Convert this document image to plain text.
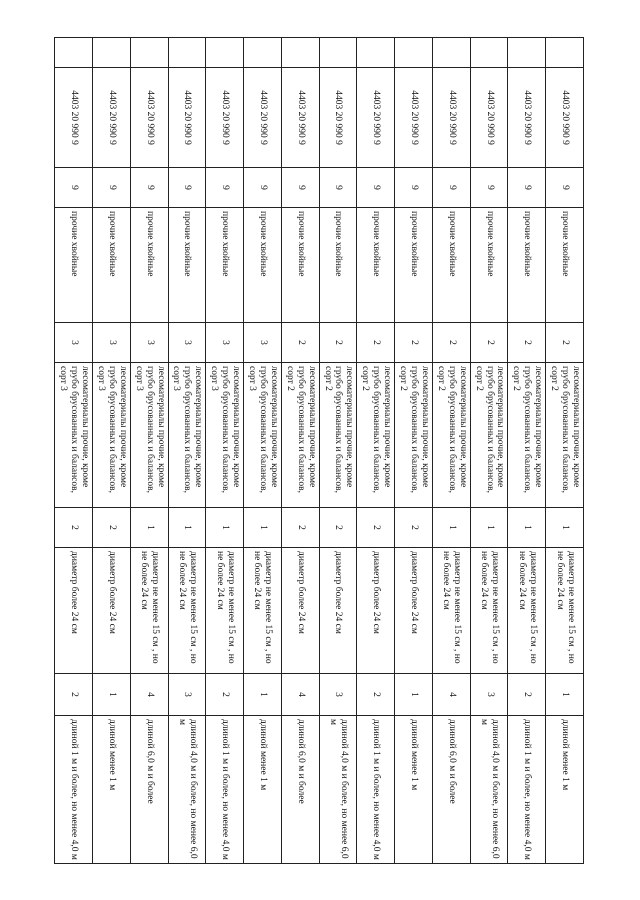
	4403 20 990 9	9	прочие хвойные	2	лесоматериалы прочие, кроме грубо брусованных и балансов, сорт 2	1	диаметр не менее 15 см , но не более 24 см	1	длиной менее 1 м
	4403 20 990 9	9	прочие хвойные	2	лесоматериалы прочие, кроме грубо брусованных и балансов, сорт 2	1	диаметр не менее 15 см , но не более 24 см	2	длиной 1 м и более, но менее 4,0 м
	4403 20 990 9	9	прочие хвойные	2	лесоматериалы прочие, кроме грубо брусованных и балансов, сорт 2	1	диаметр не менее 15 см , но не более 24 см	3	длиной 4,0 м и более, но менее 6,0 м
	4403 20 990 9	9	прочие хвойные	2	лесоматериалы прочие, кроме грубо брусованных и балансов, сорт 2	1	диаметр не менее 15 см , но не более 24 см	4	длиной 6,0 м и более
	4403 20 990 9	9	прочие хвойные	2	лесоматериалы прочие, кроме грубо брусованных и балансов, сорт 2	2	диаметр более 24 см	1	длиной менее 1 м
	4403 20 990 9	9	прочие хвойные	2	лесоматериалы прочие, кроме грубо брусованных и балансов, сорт 2	2	диаметр более 24 см	2	длиной 1 м и более, но менее 4,0 м
	4403 20 990 9	9	прочие хвойные	2	лесоматериалы прочие, кроме грубо брусованных и балансов, сорт 2	2	диаметр более 24 см	3	длиной 4,0 м и более, но менее 6,0 м
	4403 20 990 9	9	прочие хвойные	2	лесоматериалы прочие, кроме грубо брусованных и балансов, сорт 2	2	диаметр более 24 см	4	длиной 6,0 м и более
	4403 20 990 9	9	прочие хвойные	3	лесоматериалы прочие, кроме грубо брусованных и балансов, сорт 3	1	диаметр не менее 15 см , но не более 24 см	1	длиной менее 1 м
	4403 20 990 9	9	прочие хвойные	3	лесоматериалы прочие, кроме грубо брусованных и балансов, сорт 3	1	диаметр не менее 15 см , но не более 24 см	2	длиной 1 м и более, но менее 4,0 м
	4403 20 990 9	9	прочие хвойные	3	лесоматериалы прочие, кроме грубо брусованных и балансов, сорт 3	1	диаметр не менее 15 см , но не более 24 см	3	длиной 4,0 м и более, но менее 6,0 м
	4403 20 990 9	9	прочие хвойные	3	лесоматериалы прочие, кроме грубо брусованных и балансов, сорт 3	1	диаметр не менее 15 см , но не более 24 см	4	длиной 6,0 м и более
	4403 20 990 9	9	прочие хвойные	3	лесоматериалы прочие, кроме грубо брусованных и балансов, сорт 3	2	диаметр более 24 см	1	длиной менее 1 м
	4403 20 990 9	9	прочие хвойные	3	лесоматериалы прочие, кроме грубо брусованных и балансов, сорт 3	2	диаметр более 24 см	2	длиной 1 м и более, но менее 4,0 м
